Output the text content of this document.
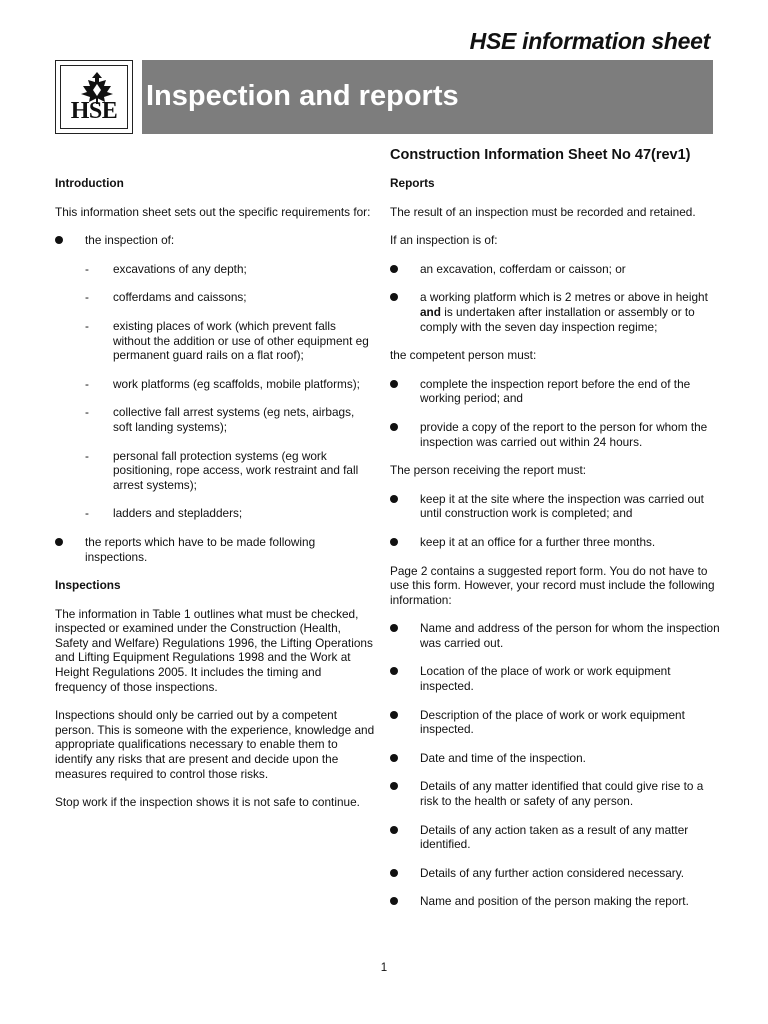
HSE information sheet
HSE Inspection and reports
Construction Information Sheet No 47(rev1)
Introduction
This information sheet sets out the specific requirements for:
the inspection of:
- excavations of any depth;
- cofferdams and caissons;
- existing places of work (which prevent falls without the addition or use of other equipment eg permanent guard rails on a flat roof);
- work platforms (eg scaffolds, mobile platforms);
- collective fall arrest systems (eg nets, airbags, soft landing systems);
- personal fall protection systems (eg work positioning, rope access, work restraint and fall arrest systems);
- ladders and stepladders;
the reports which have to be made following inspections.
Inspections
The information in Table 1 outlines what must be checked, inspected or examined under the Construction (Health, Safety and Welfare) Regulations 1996, the Lifting Operations and Lifting Equipment Regulations 1998 and the Work at Height Regulations 2005. It includes the timing and frequency of those inspections.
Inspections should only be carried out by a competent person. This is someone with the experience, knowledge and appropriate qualifications necessary to enable them to identify any risks that are present and decide upon the measures required to control those risks.
Stop work if the inspection shows it is not safe to continue.
Reports
The result of an inspection must be recorded and retained.
If an inspection is of:
an excavation, cofferdam or caisson; or
a working platform which is 2 metres or above in height and is undertaken after installation or assembly or to comply with the seven day inspection regime;
the competent person must:
complete the inspection report before the end of the working period; and
provide a copy of the report to the person for whom the inspection was carried out within 24 hours.
The person receiving the report must:
keep it at the site where the inspection was carried out until construction work is completed; and
keep it at an office for a further three months.
Page 2 contains a suggested report form. You do not have to use this form. However, your record must include the following information:
Name and address of the person for whom the inspection was carried out.
Location of the place of work or work equipment inspected.
Description of the place of work or work equipment inspected.
Date and time of the inspection.
Details of any matter identified that could give rise to a risk to the health or safety of any person.
Details of any action taken as a result of any matter identified.
Details of any further action considered necessary.
Name and position of the person making the report.
1
